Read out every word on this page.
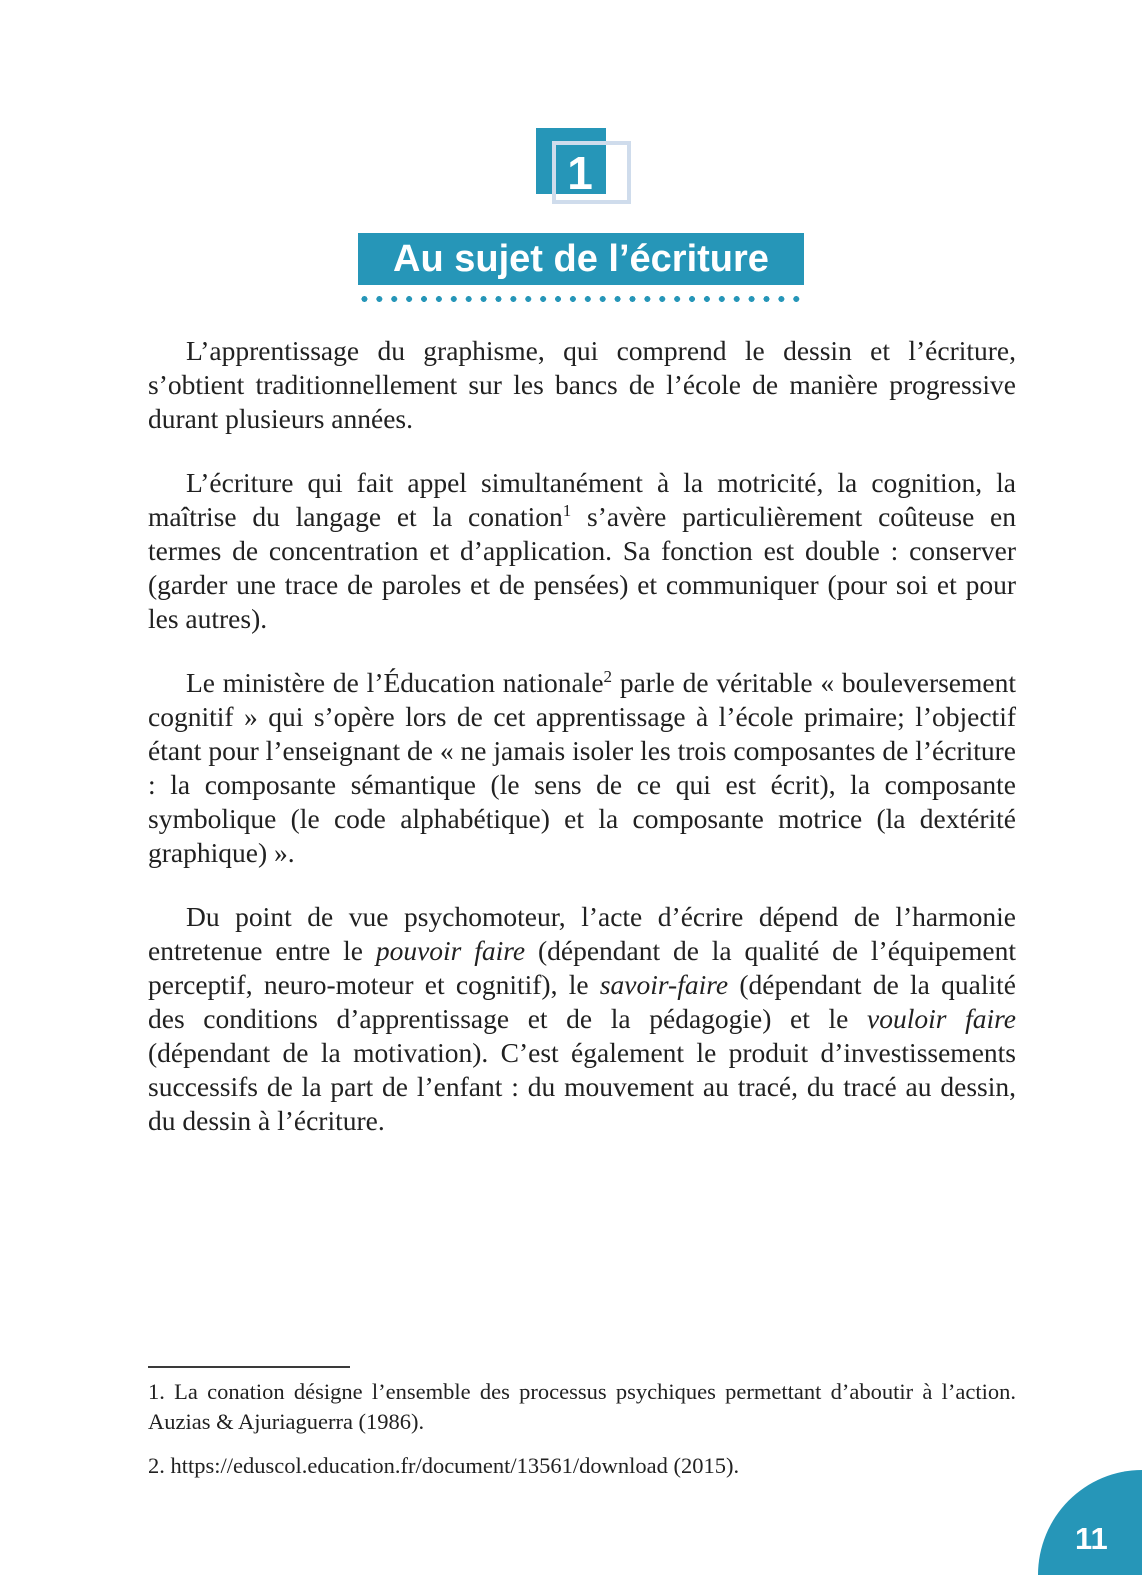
1
Au sujet de l’écriture

L’apprentissage du graphisme, qui comprend le dessin et l’écriture, s’obtient traditionnellement sur les bancs de l’école de manière progressive durant plusieurs années.

L’écriture qui fait appel simultanément à la motricité, la cognition, la maîtrise du langage et la conation$^1$ s’avère particulièrement coûteuse en termes de concentration et d’application. Sa fonction est double : conserver (garder une trace de paroles et de pensées) et communiquer (pour soi et pour les autres).

Le ministère de l’Éducation nationale$^2$ parle de véritable « bouleversement cognitif » qui s’opère lors de cet apprentissage à l’école primaire; l’objectif étant pour l’enseignant de « ne jamais isoler les trois composantes de l’écriture : la composante sémantique (le sens de ce qui est écrit), la composante symbolique (le code alphabétique) et la composante motrice (la dextérité graphique) ».

Du point de vue psychomoteur, l’acte d’écrire dépend de l’harmonie entretenue entre le pouvoir faire (dépendant de la qualité de l’équipement perceptif, neuro-moteur et cognitif), le savoir-faire (dépendant de la qualité des conditions d’apprentissage et de la pédagogie) et le vouloir faire (dépendant de la motivation). C’est également le produit d’investissements successifs de la part de l’enfant : du mouvement au tracé, du tracé au dessin, du dessin à l’écriture.

1. La conation désigne l’ensemble des processus psychiques permettant d’aboutir à l’action. Auzias & Ajuriaguerra (1986).

2. https://eduscol.education.fr/document/13561/download (2015).

11
